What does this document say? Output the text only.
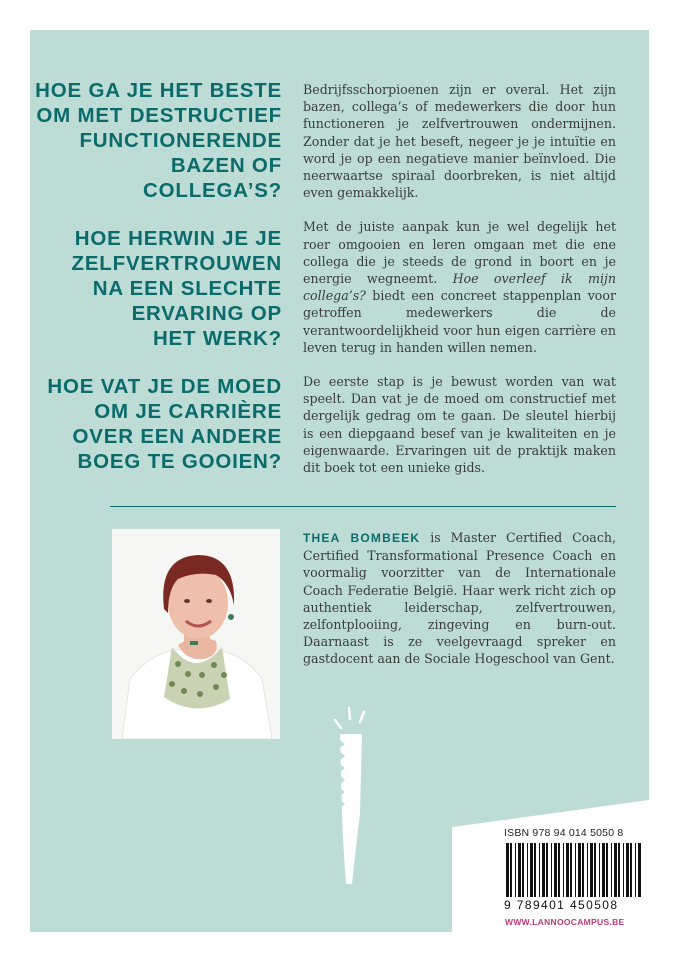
HOE GA JE HET BESTE
OM MET DESTRUCTIEF
FUNCTIONERENDE
BAZEN OF COLLEGA’S?
HOE HERWIN JE JE
ZELFVERTROUWEN
NA EEN SLECHTE
ERVARING OP
HET WERK?
HOE VAT JE DE MOED
OM JE CARRIÈRE
OVER EEN ANDERE
BOEG TE GOOIEN?

Bedrijfsschorpioenen zijn er overal. Het zijn bazen, collega’s of medewerkers die door hun functioneren je zelfvertrouwen ondermijnen. Zonder dat je het beseft, negeer je je intuïtie en word je op een negatieve manier beïnvloed. Die neerwaartse spiraal doorbreken, is niet altijd even gemakkelijk.

Met de juiste aanpak kun je wel degelijk het roer omgooien en leren omgaan met die ene collega die je steeds de grond in boort en je energie wegneemt. Hoe overleef ik mijn collega’s? biedt een concreet stappenplan voor getroffen medewerkers die de verantwoordelijkheid voor hun eigen carrière en leven terug in handen willen nemen.

De eerste stap is je bewust worden van wat speelt. Dan vat je de moed om constructief met dergelijk gedrag om te gaan. De sleutel hierbij is een diepgaand besef van je kwaliteiten en je eigenwaarde. Ervaringen uit de praktijk maken dit boek tot een unieke gids.

THEA BOMBEEK is Master Certified Coach, Certified Transformational Presence Coach en voormalig voorzitter van de Internationale Coach Federatie België. Haar werk richt zich op authentiek leiderschap, zelfvertrouwen, zelfontplooiing, zingeving en burn-out. Daarnaast is ze veelgevraagd spreker en gastdocent aan de Sociale Hogeschool van Gent.
ISBN 978 94 014 5050 8
9 789401 450508
WWW.LANNOOCAMPUS.BE
